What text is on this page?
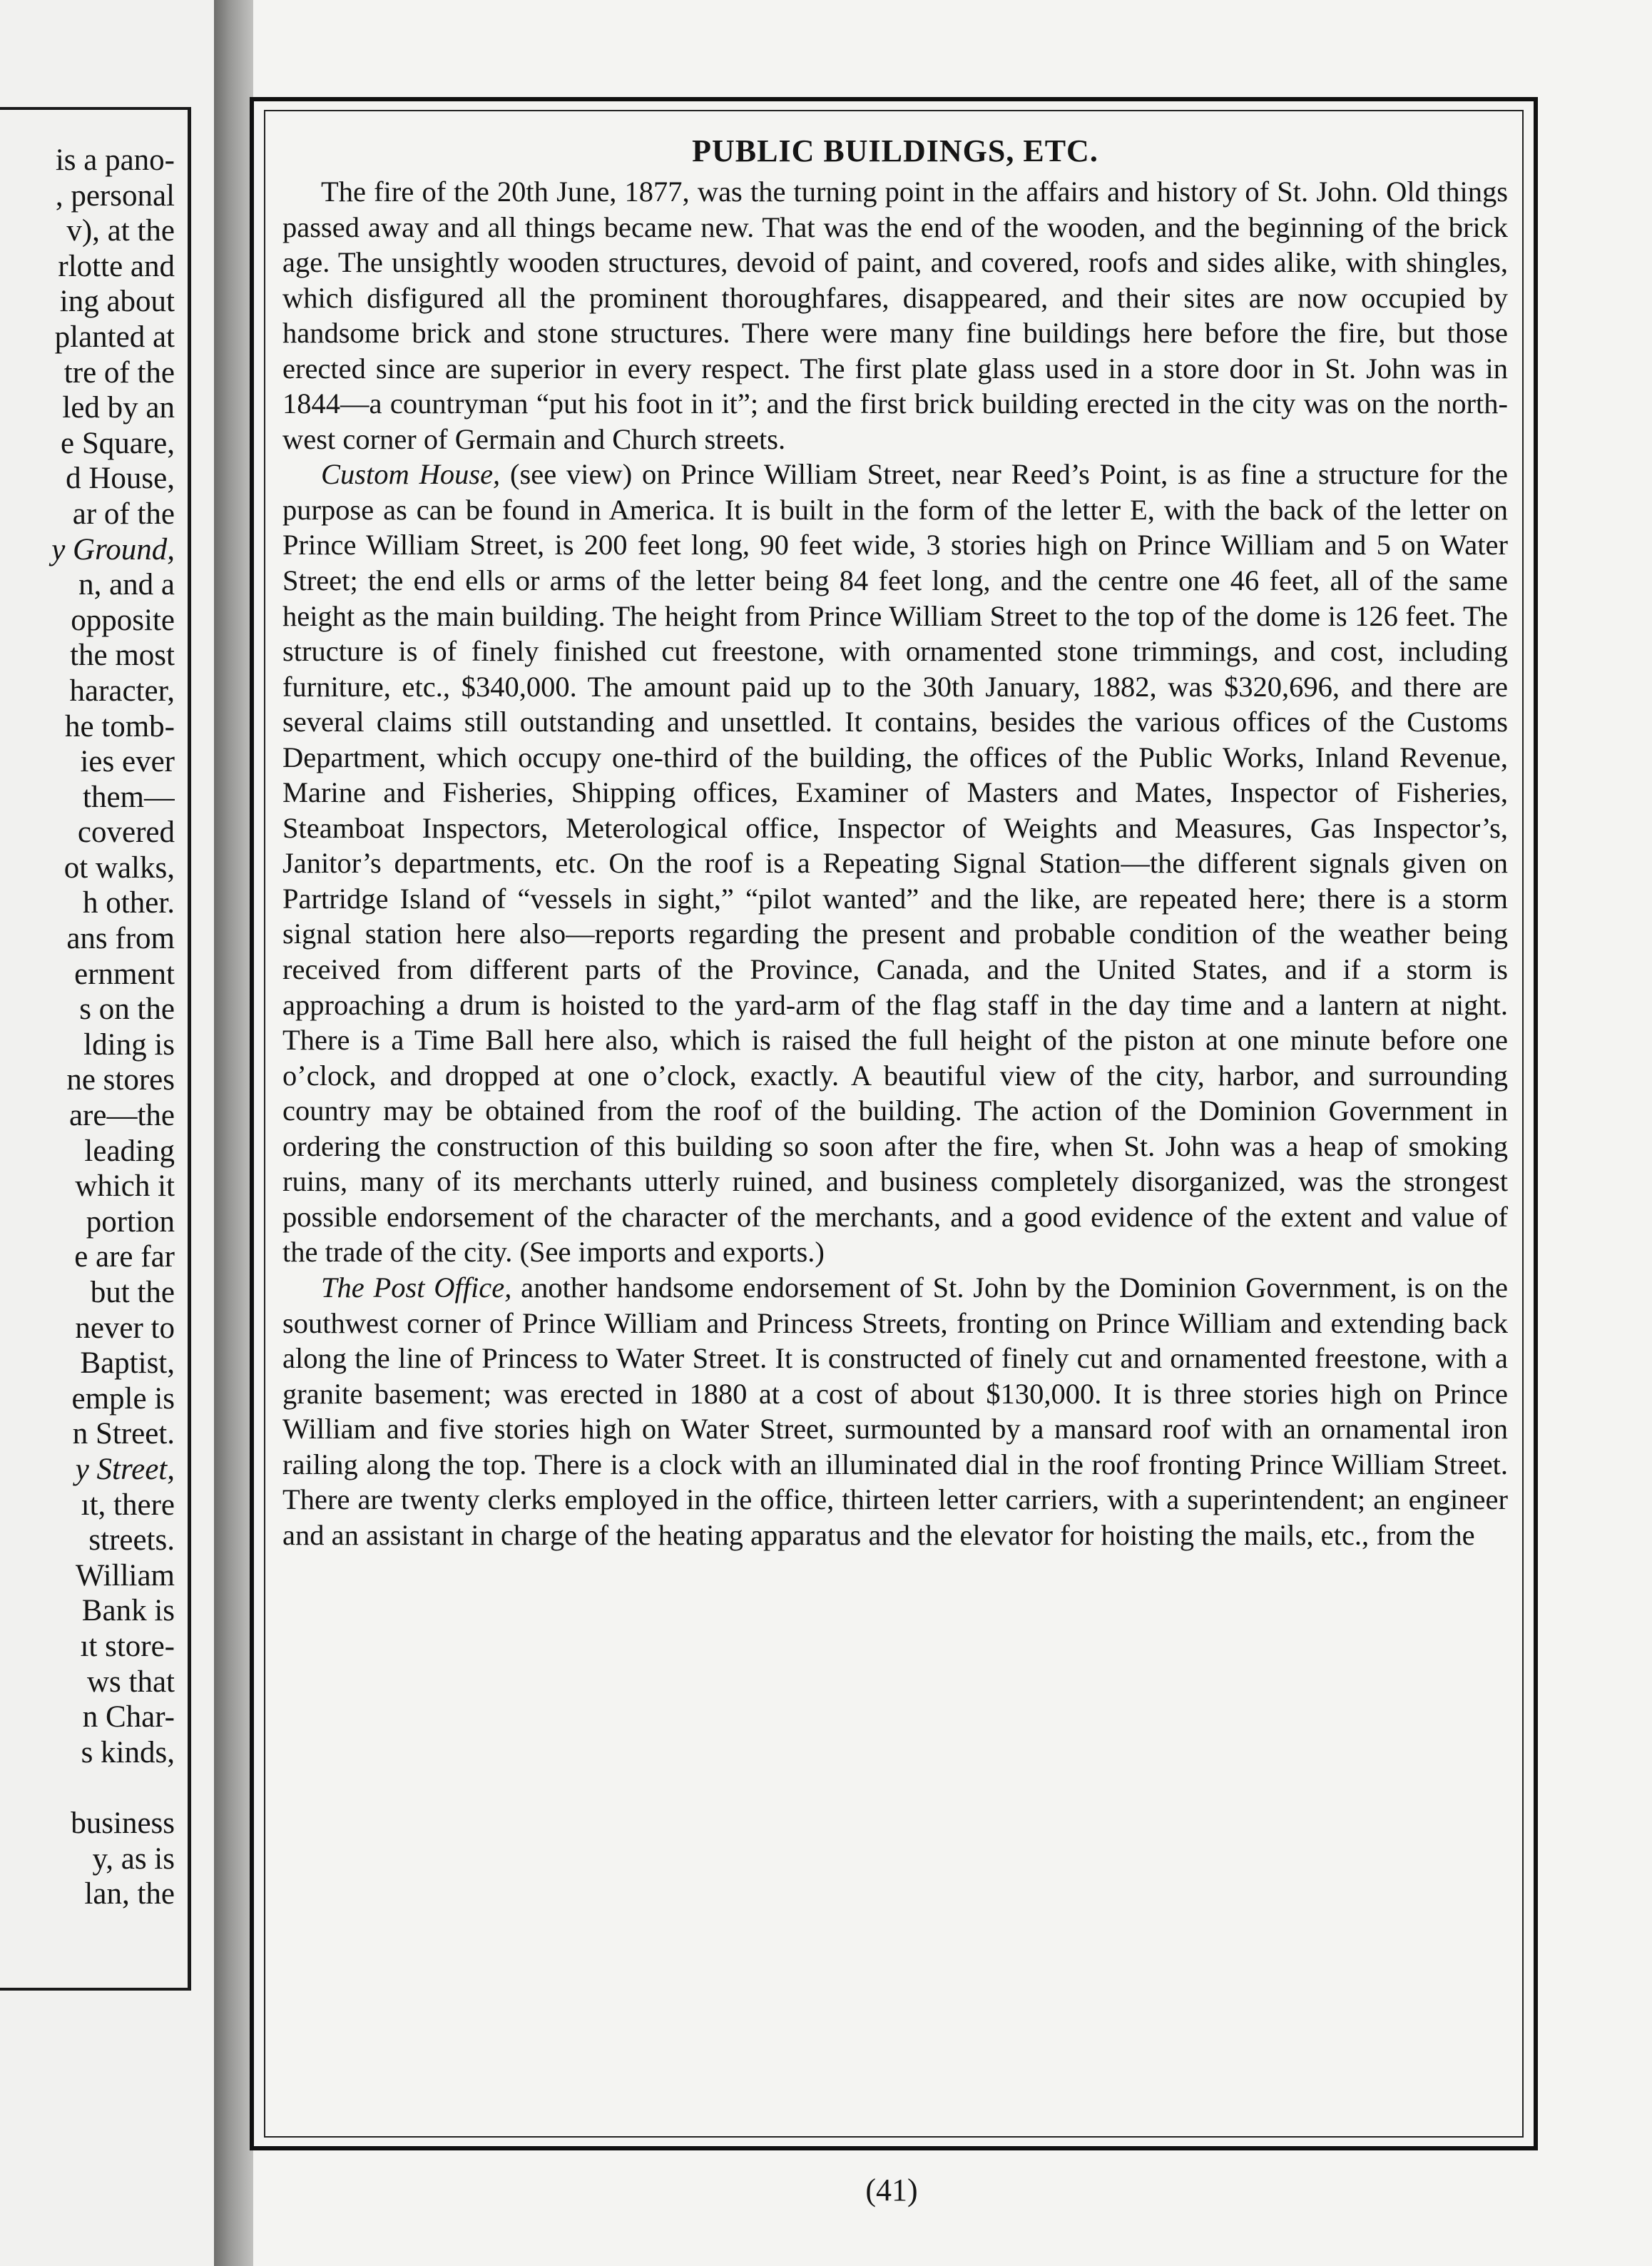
is a pano-
, personal
v), at the
rlotte and
ing about
planted at
tre of the
led by an
e Square,
d House,
ar of the
y Ground,
n, and a
opposite
the most
haracter,
he tomb-
ies ever
them—
covered
ot walks,
h other.
ans from
ernment
s on the
lding is
ne stores
are—the
leading
which it
portion
e are far
but the
never to
Baptist,
emple is
n Street.
y Street,
ıt, there
streets.
William
Bank is
ıt store-
ws that
n Char-
s kinds,
business
y, as is
lan, the
PUBLIC BUILDINGS, ETC.

The fire of the 20th June, 1877, was the turning point in the affairs and history of St. John. Old things passed away and all things became new. That was the end of the wooden, and the beginning of the brick age. The unsightly wooden structures, devoid of paint, and covered, roofs and sides alike, with shingles, which disfigured all the prominent thoroughfares, disappeared, and their sites are now occupied by handsome brick and stone structures. There were many fine buildings here before the fire, but those erected since are superior in every respect. The first plate glass used in a store door in St. John was in 1844—a countryman “put his foot in it”; and the first brick building erected in the city was on the north-west corner of Germain and Church streets.

Custom House, (see view) on Prince William Street, near Reed’s Point, is as fine a structure for the purpose as can be found in America. It is built in the form of the letter E, with the back of the letter on Prince William Street, is 200 feet long, 90 feet wide, 3 stories high on Prince William and 5 on Water Street; the end ells or arms of the letter being 84 feet long, and the centre one 46 feet, all of the same height as the main building. The height from Prince William Street to the top of the dome is 126 feet. The structure is of finely finished cut freestone, with ornamented stone trimmings, and cost, including furniture, etc., $340,000. The amount paid up to the 30th January, 1882, was $320,696, and there are several claims still outstanding and unsettled. It contains, besides the various offices of the Customs Department, which occupy one-third of the building, the offices of the Public Works, Inland Revenue, Marine and Fisheries, Shipping offices, Examiner of Masters and Mates, Inspector of Fisheries, Steamboat Inspectors, Meterological office, Inspector of Weights and Measures, Gas Inspector’s, Janitor’s departments, etc. On the roof is a Repeating Signal Station—the different signals given on Partridge Island of “vessels in sight,” “pilot wanted” and the like, are repeated here; there is a storm signal station here also—reports regarding the present and probable condition of the weather being received from different parts of the Province, Canada, and the United States, and if a storm is approaching a drum is hoisted to the yard-arm of the flag staff in the day time and a lantern at night. There is a Time Ball here also, which is raised the full height of the piston at one minute before one o’clock, and dropped at one o’clock, exactly. A beautiful view of the city, harbor, and surrounding country may be obtained from the roof of the building. The action of the Dominion Government in ordering the construction of this building so soon after the fire, when St. John was a heap of smoking ruins, many of its merchants utterly ruined, and business completely disorganized, was the strongest possible endorsement of the character of the merchants, and a good evidence of the extent and value of the trade of the city. (See imports and exports.)

The Post Office, another handsome endorsement of St. John by the Dominion Government, is on the southwest corner of Prince William and Princess Streets, fronting on Prince William and extending back along the line of Princess to Water Street. It is constructed of finely cut and ornamented freestone, with a granite basement; was erected in 1880 at a cost of about $130,000. It is three stories high on Prince William and five stories high on Water Street, surmounted by a mansard roof with an ornamental iron railing along the top. There is a clock with an illuminated dial in the roof fronting Prince William Street. There are twenty clerks employed in the office, thirteen letter carriers, with a superintendent; an engineer and an assistant in charge of the heating apparatus and the elevator for hoisting the mails, etc., from the

(41)
